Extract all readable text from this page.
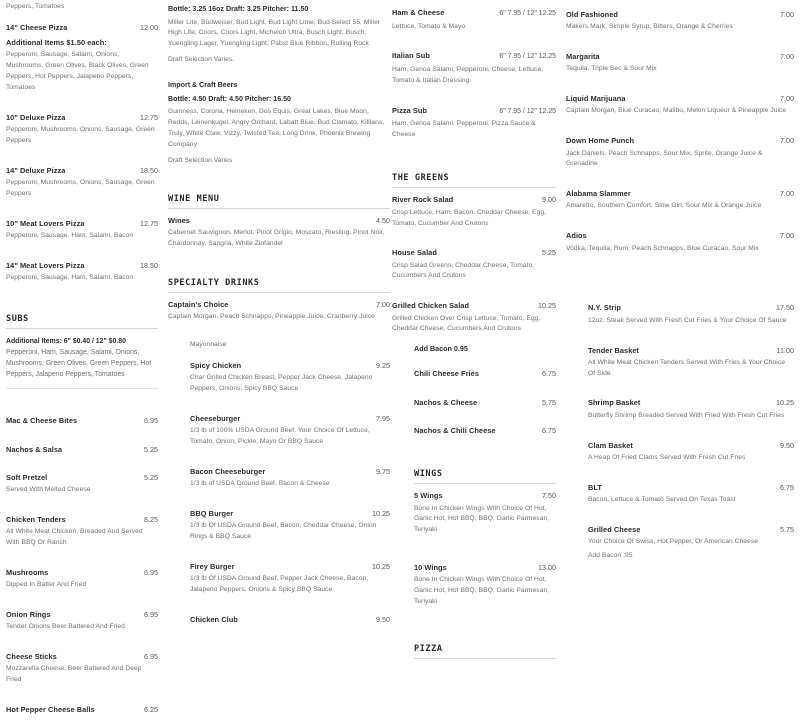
Peppers, Tomatoes
14" Cheese Pizza	12.00
Additional Items $1.50 each:
Pepperoni, Sausage, Salami, Onions, Mushrooms, Green Olives, Black Olives, Green Peppers, Hot Peppers, Jalapeno Peppers, Tomatoes
10" Deluxe Pizza	12.75
Pepperoni, Mushrooms, Onions, Sausage, Green Peppers
14" Deluxe Pizza	18.50
Pepperoni, Mushrooms, Onions, Sausage, Green Peppers
10" Meat Lovers Pizza	12.75
Pepperoni, Sausage, Ham, Salami, Bacon
14" Meat Lovers Pizza	18.50
Pepperoni, Sausage, Ham, Salami, Bacon
SUBS
Additional Items: 6" $0.40 / 12" $0.80 Pepperoni, Ham, Sausage, Salami, Onions, Mushrooms, Green Olives, Green Peppers, Hot Peppers, Jalapeno Peppers, Tomatoes
Mac & Cheese Bites	6.95
Nachos & Salsa	5.25
Soft Pretzel	5.25
Served With Melted Cheese
Chicken Tenders	8.25
All White Meat Chicken, Breaded And Served With BBQ Or Ranch
Mushrooms	6.95
Dipped In Batter And Fried
Onion Rings	6.95
Tender Onions Beer Battered And Fried
Cheese Sticks	6.95
Mozzarella Cheese, Beer Battered And Deep Fried
Hot Pepper Cheese Balls	6.25
Bottle: 3.25 16oz Draft: 3.25 Pitcher: 11.50
Miller Lite, Budweiser, Bud Light, Bud Light Lime, Bud Select 55, Miller High Life, Coors, Coors Light, Michelob Ultra, Busch Light, Busch, Yuengling Lager, Yuengling Light, Pabst Blue Ribbon, Rolling Rock
Draft Selection Varies.
Import & Craft Beers
Bottle: 4.50 Draft: 4.50 Pitcher: 16.50
Guinness, Corona, Heineken, Dos Equis, Great Lakes, Blue Moon, Redds, Leinenkugel, Angry Orchard, Labatt Blue, Bud Clamato, Killians, Truly, White Claw, Vizzy, Twisted Tea, Long Drink, Phoenix Brewing Company
Draft Selection Varies
WINE MENU
Wines	4.50
Cabernet Sauvignon, Merlot, Pinot Grigio, Moscato, Riesling, Pinot Noir, Chardonnay, Sangria, White Zinfandel
SPECIALTY DRINKS
Captain's Choice	7.00
Captain Morgan, Peach Schnapps, Pineapple Juice, Cranberry Juice
Mayonnaise
Spicy Chicken	9.25
Char Grilled Chicken Breast, Pepper Jack Cheese, Jalapeno Peppers, Onions, Spicy BBQ Sauce
Cheeseburger	7.95
1/3 lb of 100% USDA Ground Beef. Your Choice Of Lettuce, Tomato, Onion, Pickle, Mayo Or BBQ Sauce
Bacon Cheeseburger	9.75
1/3 lb of USDA Ground Beef, Bacon & Cheese
BBQ Burger	10.25
1/3 lb Of USDA Ground Beef, Bacon, Cheddar Cheese, Onion Rings & BBQ Sauce
Firey Burger	10.25
1/3 lb Of USDA Ground Beef, Pepper Jack Cheese, Bacon, Jalapeno Peppers, Onions & Spicy BBQ Sauce
Chicken Club	9.50
Ham & Cheese	6" 7.95 / 12" 12.25
Lettuce, Tomato & Mayo
Italian Sub	6" 7.95 / 12" 12.25
Ham, Genoa Salami, Pepperoni, Cheese, Lettuce, Tomato & Italian Dressing
Pizza Sub	6" 7.95 / 12" 12.25
Ham, Genoa Salami, Pepperoni, Pizza Sauce & Cheese
THE GREENS
River Rock Salad	9.00
Crisp Lettuce, Ham, Bacon, Cheddar Cheese, Egg, Tomato, Cucumber And Crutons
House Salad	5.25
Crisp Salad Greens, Cheddar Cheese, Tomato, Cucumbers And Crutons
Grilled Chicken Salad	10.25
Grilled Chicken Over Crisp Lettuce, Tomato, Egg, Cheddar Cheese, Cucumbers And Crutons
Add Bacon 0.95
Chili Cheese Fries	6.75
Nachos & Cheese	5.75
Nachos & Chili Cheese	6.75
WINGS
5 Wings	7.50
Bone In Chicken Wings With Choice Of Hot, Garlic Hot, Hot BBQ, BBQ, Garlic Parmesan, Teriyaki
10 Wings	13.00
Bone In Chicken Wings With Choice Of Hot, Garlic Hot, Hot BBQ, BBQ, Garlic Parmesan, Teriyaki
PIZZA
Old Fashioned	7.00
Makers Mark, Simple Syrup, Bitters, Orange & Cherries
Margarita	7.00
Tequila, Triple Sec & Sour Mix
Liquid Marijuana	7.00
Captain Morgan, Blue Curacao, Malibu, Melon Liqueur & Pineapple Juice
Down Home Punch	7.00
Jack Daniels, Peach Schnapps, Sour Mix, Sprite, Orange Juice & Grenadine
Alabama Slammer	7.00
Amaretto, Southern Comfort, Slow Gin, Sour Mix & Orange Juice
Adios	7.00
Vodka, Tequila, Rum, Peach Schnapps, Blue Curacao, Sour Mix
N.Y. Strip	17.50
12oz. Steak Served With Fresh Cut Fries & Your Choice Of Sauce
Tender Basket	11.00
All White Meat Chicken Tenders Served With Fries & Your Choice Of Side
Shrimp Basket	10.25
Butterfly Shrimp Breaded Served With Fried With Fresh Cut Fries
Clam Basket	9.50
A Heap Of Fried Clams Served With Fresh Cut Fries
BLT	6.75
Bacon, Lettuce & Tomato Served On Texas Toast
Grilled Cheese	5.75
Your Choice Of Swiss, Hot Pepper, Or American Cheese
Add Bacon .95
